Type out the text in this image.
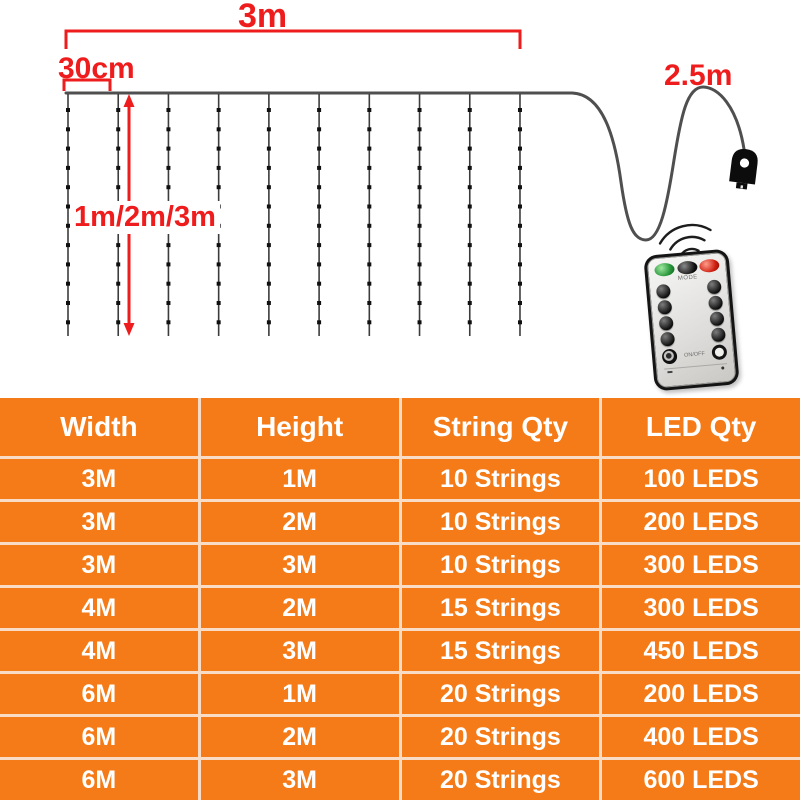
3m
30cm
1m/2m/3m
2.5m
MODE
ON/OFF
Width	Height	String Qty	LED Qty
3M	1M	10 Strings	100 LEDS
3M	2M	10 Strings	200 LEDS
3M	3M	10 Strings	300 LEDS
4M	2M	15 Strings	300 LEDS
4M	3M	15 Strings	450 LEDS
6M	1M	20 Strings	200 LEDS
6M	2M	20 Strings	400 LEDS
6M	3M	20 Strings	600 LEDS
